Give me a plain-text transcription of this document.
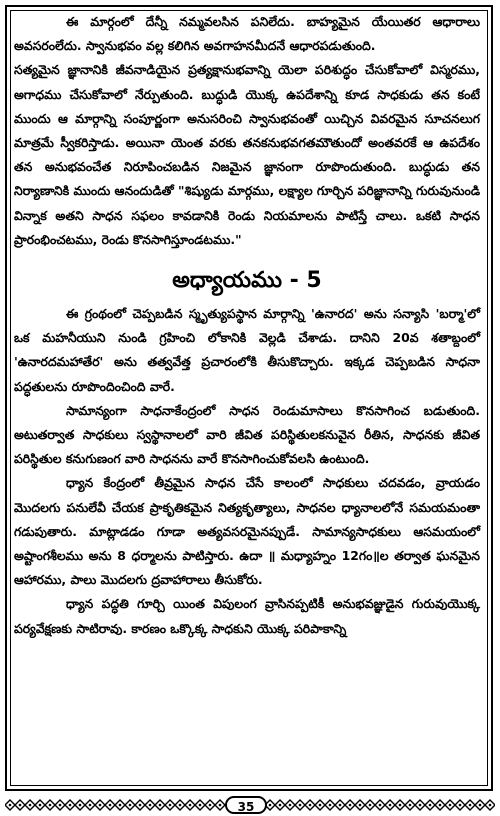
ఈ మార్గంలో దేన్నీ నమ్మవలసిన పనిలేదు. బాహ్యమైన యేయితర ఆధారాలు అవసరంలేదు. స్వానుభవం వల్ల కలిగిన అవగాహనమీదనే ఆధారపడుతుంది.

సత్యమైన జ్ఞానానికి జీవనాడియైన ప్రత్యక్షానుభవాన్ని యెలా పరిశుద్ధం చేసుకోవాలో విస్మరము, అగాధము చేసుకోవాలో నేర్పుతుంది. బుద్ధుడి యొక్క ఉపదేశాన్ని కూడ సాధకుడు తన కంటే ముందు ఆ మార్గాన్ని సంపూర్ణంగా అనుసరించి స్వానుభవంతో యిచ్చిన వివరమైన సూచనలుగ మాత్రమే స్వీకరిస్తాడు. అయినా యెంత వరకు తనకనుభవగతమౌతుందో అంతవరకే ఆ ఉపదేశం తన అనుభవంచేత నిరూపించబడిన నిజమైన జ్ఞానంగా రూపొందుతుంది. బుద్ధుడు తన నిర్యాణానికి ముందు ఆనందుడితో "శిష్యుడు మార్గము, లక్ష్యాల గూర్చిన పరిజ్ఞానాన్ని గురువునుండి విన్నాక అతని సాధన సఫలం కావడానికి రెండు నియమాలను పాటిస్తే చాలు. ఒకటి సాధన ప్రారంభించటము, రెండు కొనసాగిస్తూండటము."

అధ్యాయము - 5

ఈ గ్రంథంలో చెప్పబడిన స్మృత్యుపస్థాన మార్గాన్ని 'ఉనారద' అను సన్యాసి 'బర్మా'లో ఒక మహనీయుని నుండి గ్రహించి లోకానికి వెల్లడి చేశాడు. దానిని 20వ శతాబ్దంలో 'ఉనారదమహాతేర' అను తత్వవేత్త ప్రచారంలోకి తీసుకొచ్చారు. ఇక్కడ చెప్పబడిన సాధనా పద్ధతులను రూపొందించింది వారే.

సామాన్యంగా సాధనాకేంద్రంలో సాధన రెండుమాసాలు కొనసాగించ బడుతుంది. అటుతర్వాత సాధకులు స్వస్థానాలలో వారి జీవిత పరిస్థితులకనువైన రీతిన, సాధనకు జీవిత పరిస్థితుల కనుగుణంగ వారి సాధనను వారే కొనసాగించుకోవలసి ఉంటుంది.

ధ్యాన కేంద్రంలో తీవ్రమైన సాధన చేసే కాలంలో సాధకులు చదవడం, వ్రాయడం మొదలగు పనులేవీ చేయక ప్రాకృతికమైన నిత్యకృత్యాలు, సాధనల ధ్యానాలలోనే సమయమంతా గడుపుతారు. మాట్లాడడం గూడా అత్యవసరమైనప్పుడే. సామాన్యసాధకులు ఆసమయంలో అష్టాంగశీలము అను 8 ధర్మాలను పాటిస్తారు. ఉదా ॥ మధ్యాహ్నం 12గం॥ల తర్వాత ఘనమైన ఆహారము, పాలు మొదలగు ద్రవాహారాలు తీసుకోరు.

ధ్యాన పద్ధతి గూర్చి యింత విపులంగ వ్రాసినప్పటికీ అనుభవజ్ఞుడైన గురువుయొక్క పర్యవేక్షణకు సాటిరావు. కారణం ఒక్కొక్క సాధకుని యొక్క పరిపాకాన్ని

35
